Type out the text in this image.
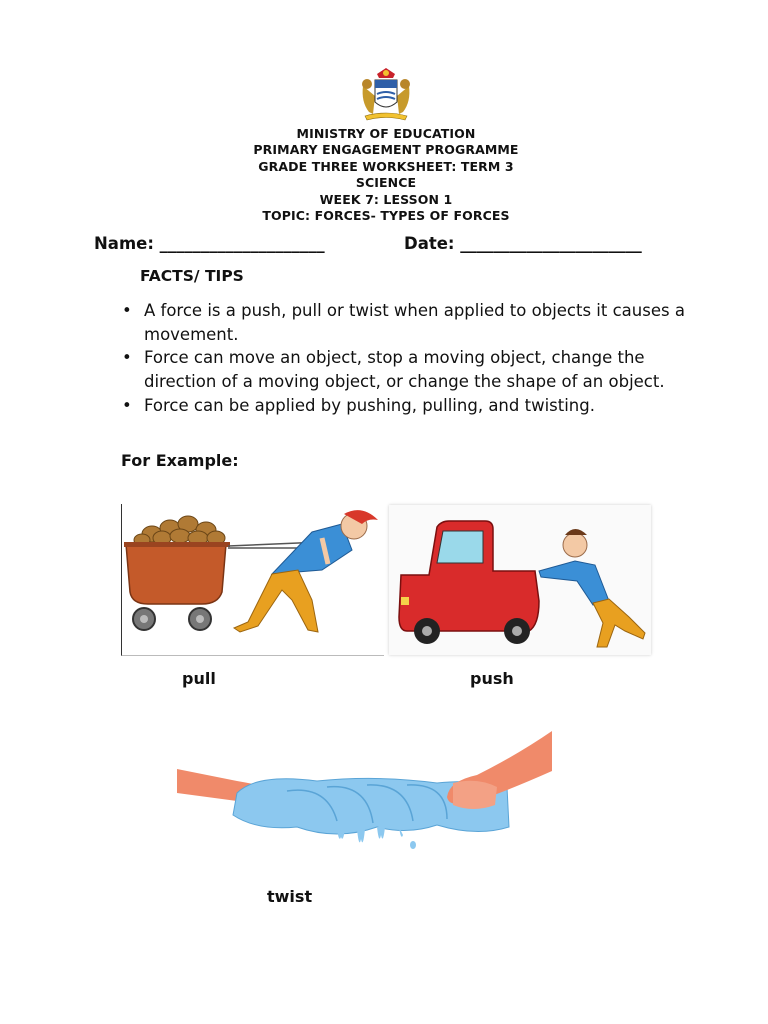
MINISTRY OF EDUCATION
PRIMARY ENGAGEMENT PROGRAMME
GRADE THREE WORKSHEET: TERM 3
SCIENCE
WEEK 7: LESSON 1
TOPIC: FORCES- TYPES OF FORCES
Name: ____________________	Date: ______________________
FACTS/ TIPS
• A force is a push, pull or twist when applied to objects it causes a movement.
• Force can move an object, stop a moving object, change the direction of a moving object, or change the shape of an object.
• Force can be applied by pushing, pulling, and twisting.
For Example:
pull	push
twist
